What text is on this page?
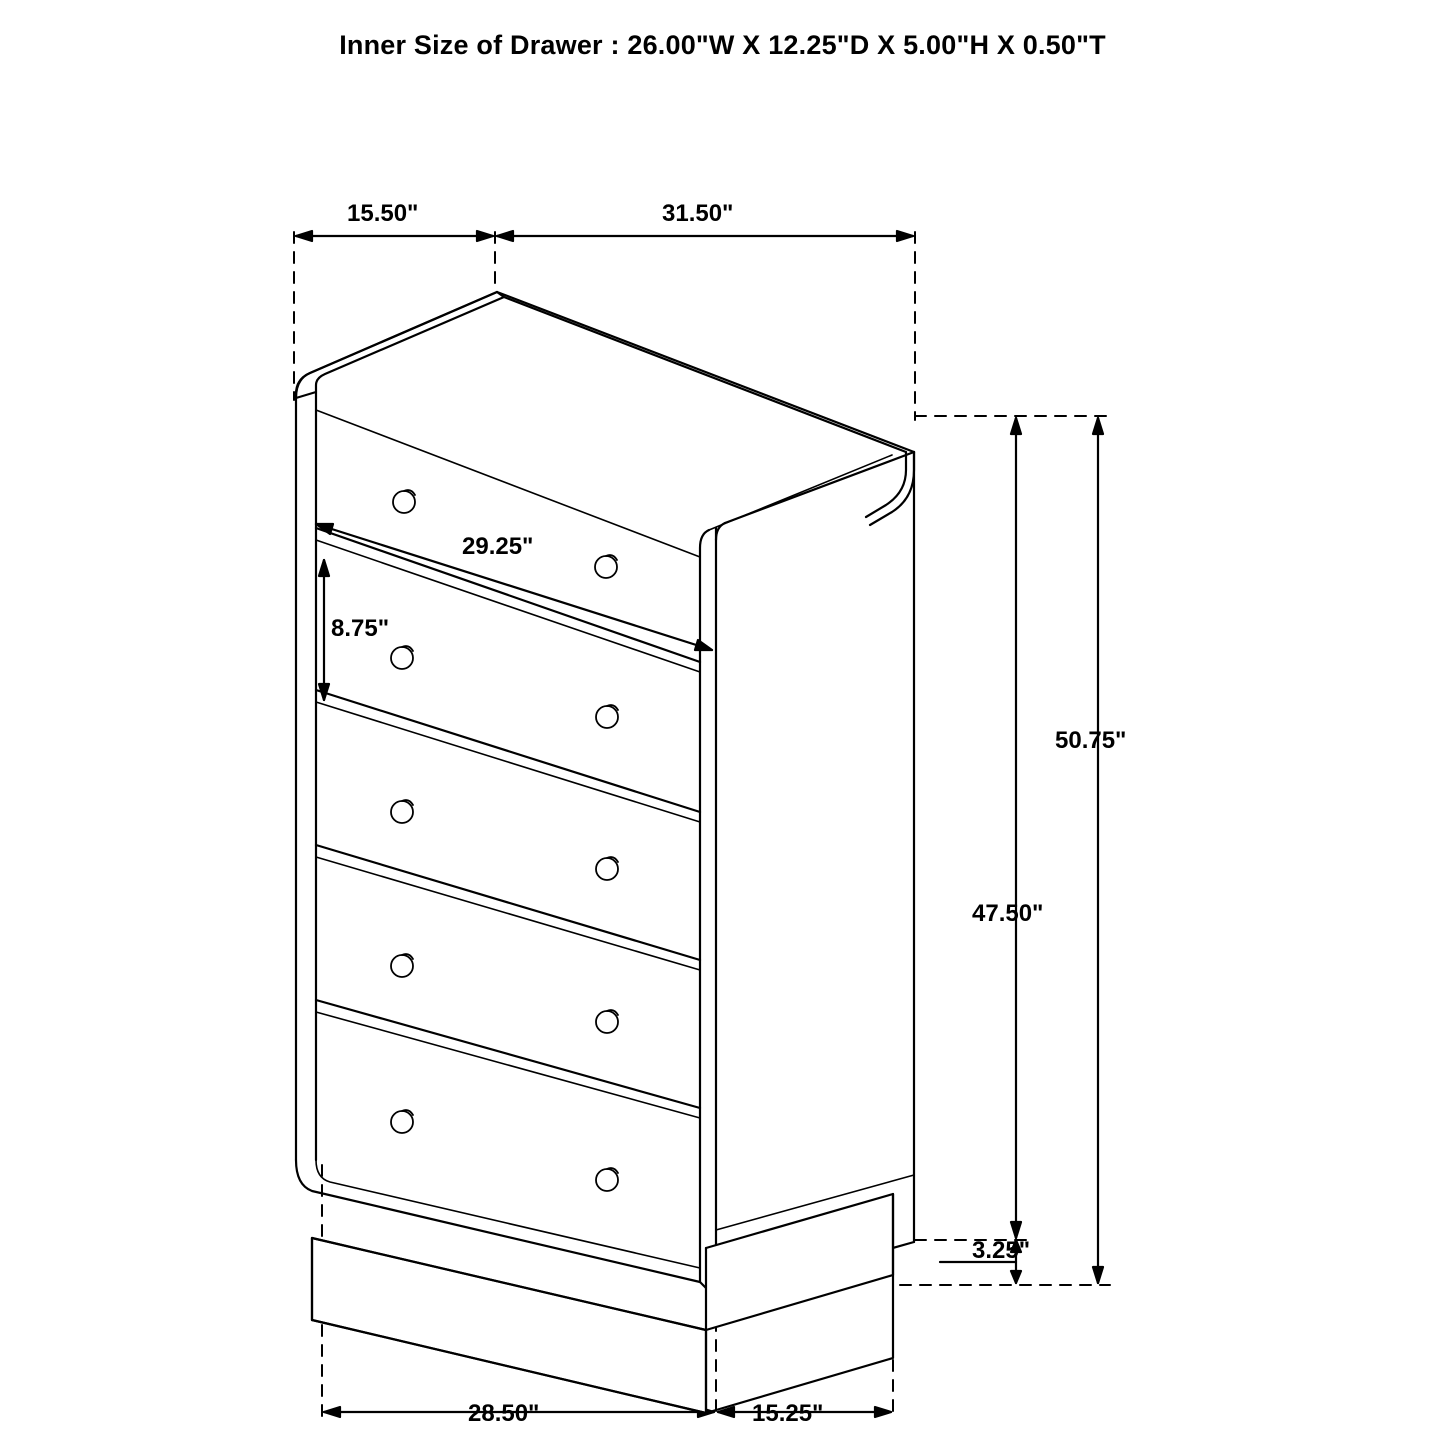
Inner Size of Drawer : 26.00"W X 12.25"D X 5.00"H X 0.50"T
15.50"	31.50"
29.25"
8.75"
50.75"
47.50"
3.25"
28.50"	15.25"
